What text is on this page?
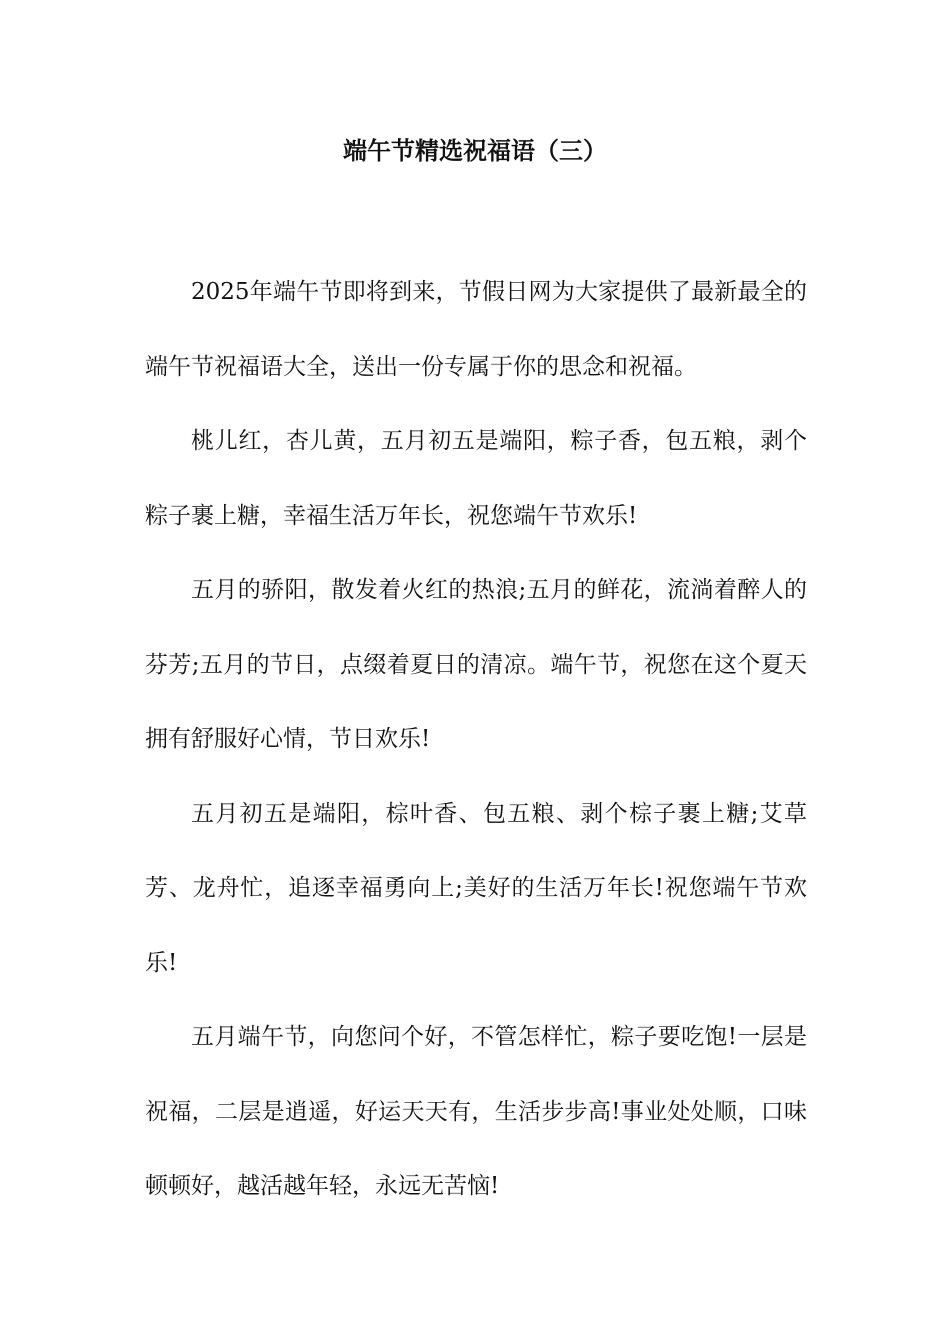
端午节精选祝福语（三）

2025年端午节即将到来，节假日网为大家提供了最新最全的端午节祝福语大全，送出一份专属于你的思念和祝福。

桃儿红，杏儿黄，五月初五是端阳，粽子香，包五粮，剥个粽子裹上糖，幸福生活万年长，祝您端午节欢乐!

五月的骄阳，散发着火红的热浪;五月的鲜花，流淌着醉人的芬芳;五月的节日，点缀着夏日的清凉。端午节，祝您在这个夏天拥有舒服好心情，节日欢乐!

五月初五是端阳，棕叶香、包五粮、剥个棕子裹上糖;艾草芳、龙舟忙，追逐幸福勇向上;美好的生活万年长!祝您端午节欢乐!

五月端午节，向您问个好，不管怎样忙，粽子要吃饱!一层是祝福，二层是逍遥，好运天天有，生活步步高!事业处处顺，口味顿顿好，越活越年轻，永远无苦恼!
